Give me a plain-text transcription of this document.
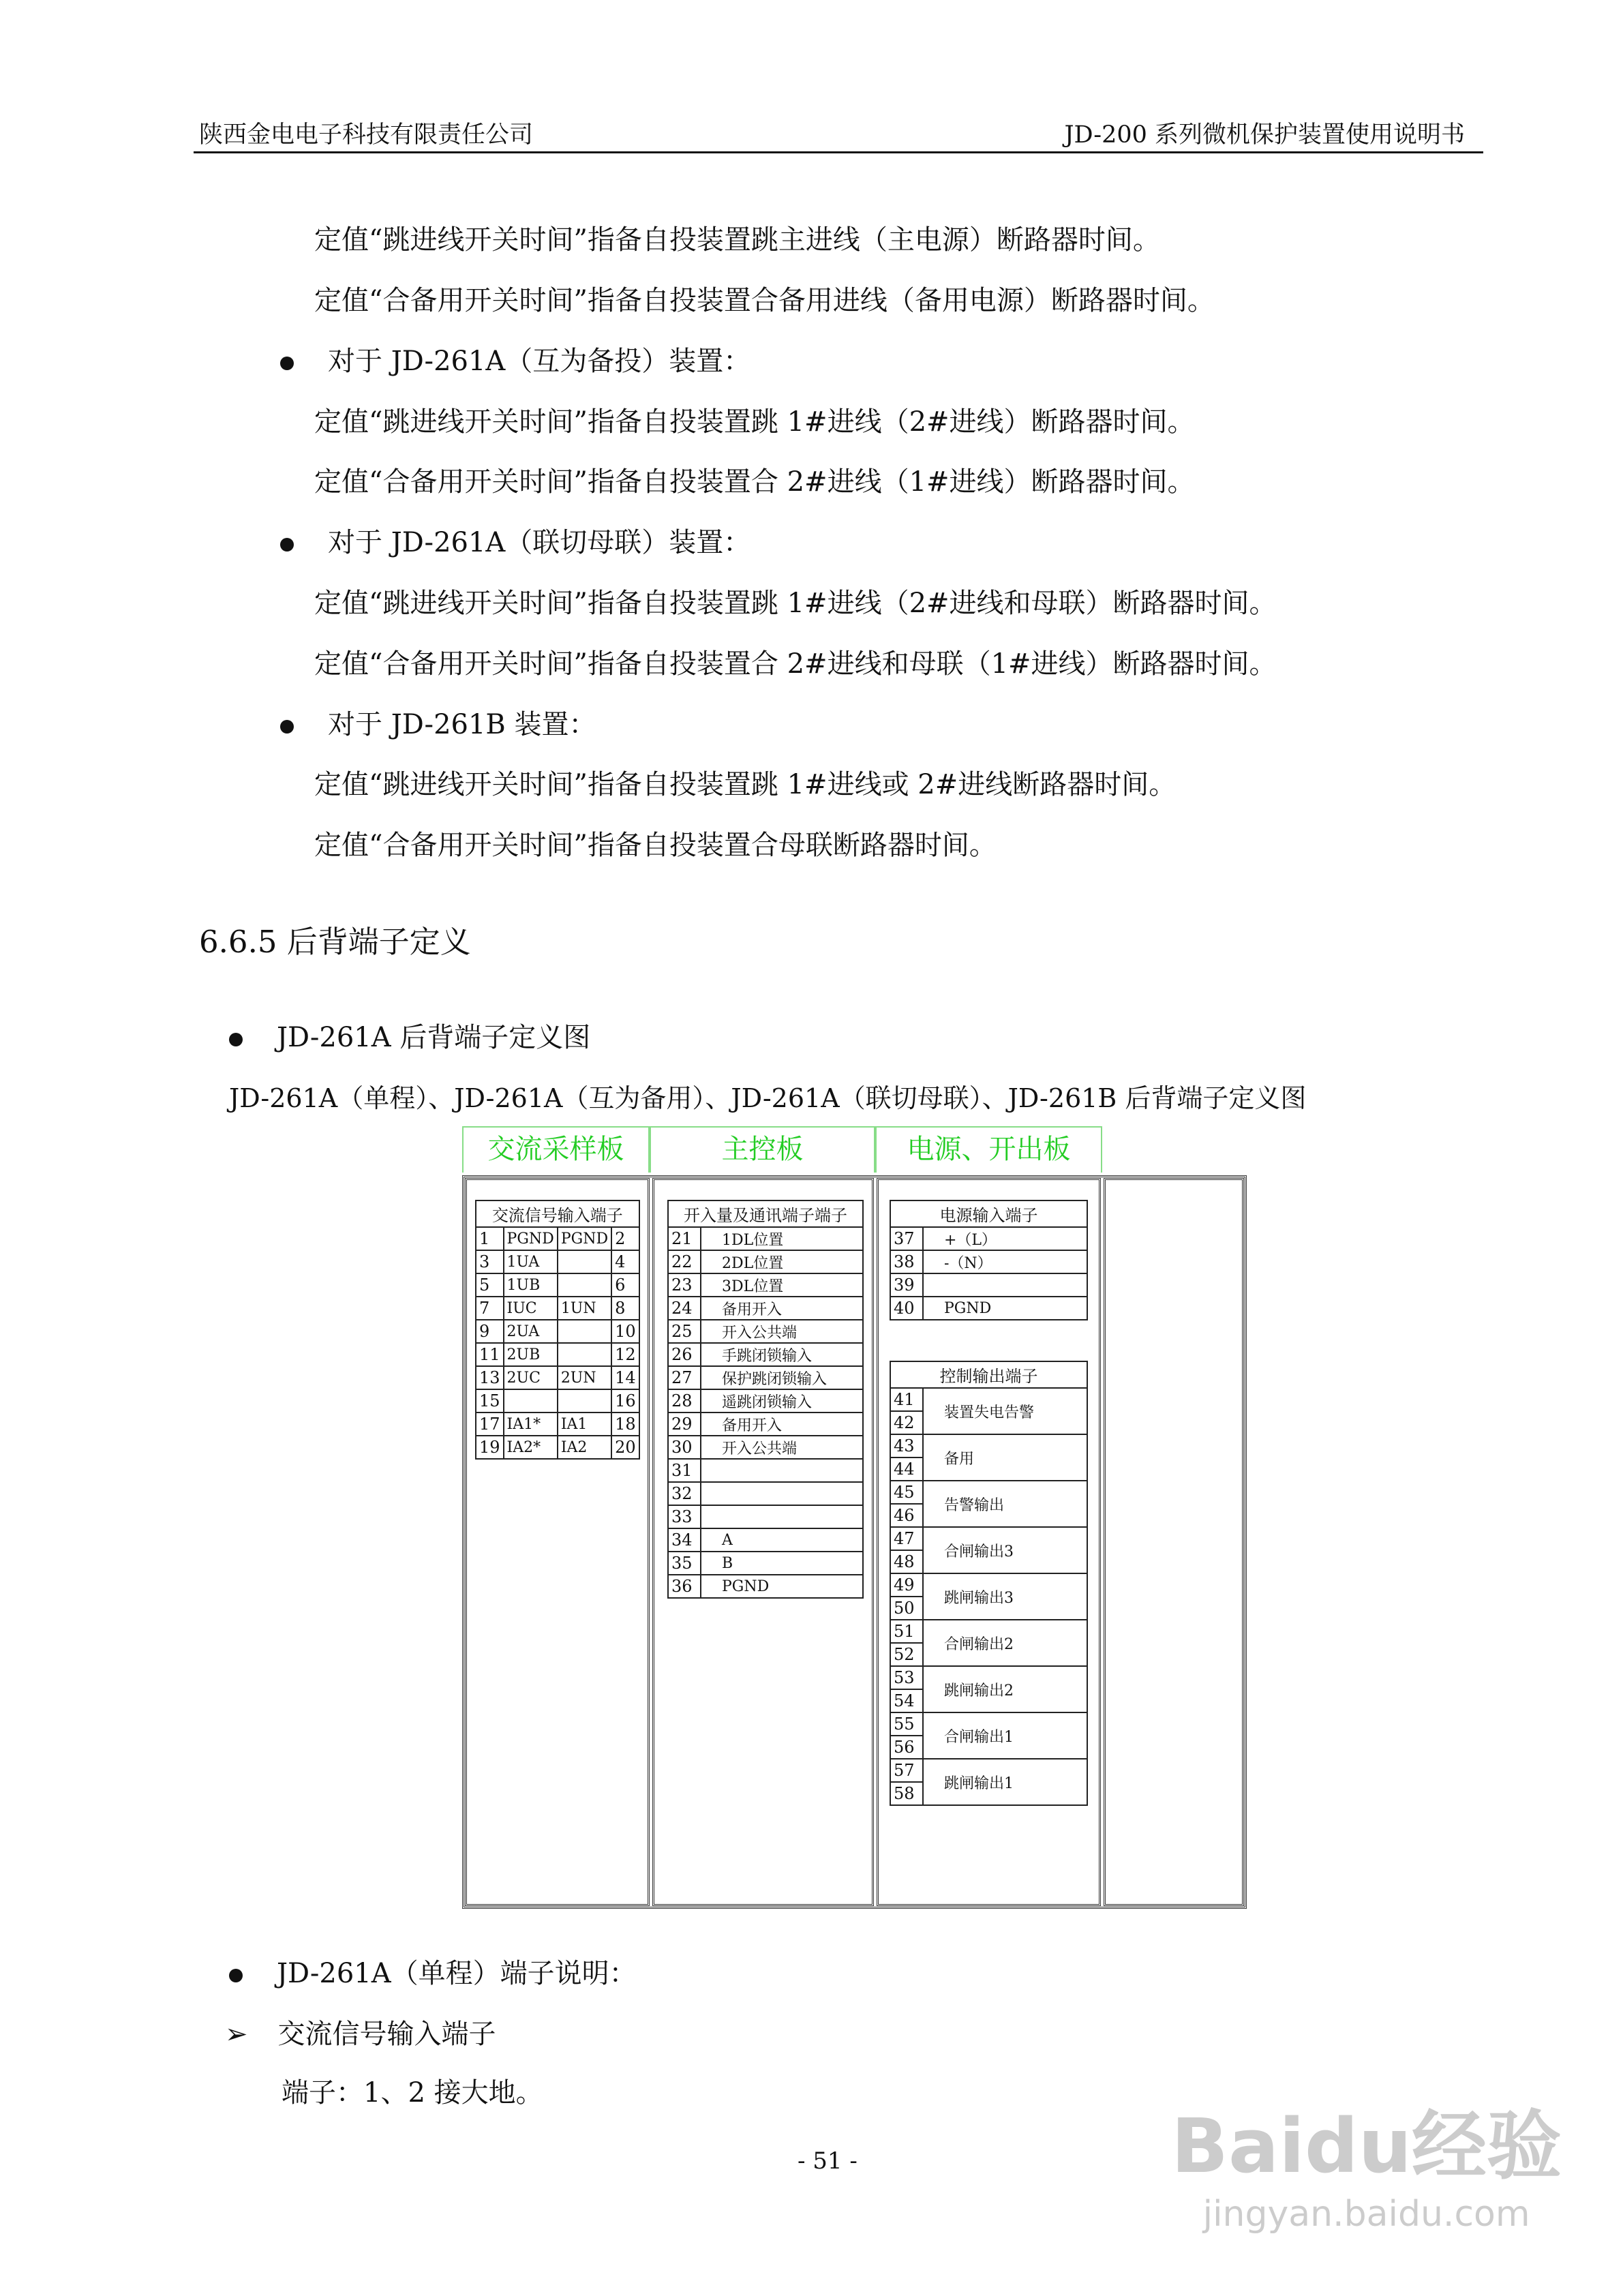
陕西金电电子科技有限责任公司	JD-200 系列微机保护装置使用说明书
定值“跳进线开关时间”指备自投装置跳主进线（主电源）断路器时间。
定值“合备用开关时间”指备自投装置合备用进线（备用电源）断路器时间。
对于 JD-261A（互为备投）装置：
定值“跳进线开关时间”指备自投装置跳 1#进线（2#进线）断路器时间。
定值“合备用开关时间”指备自投装置合 2#进线（1#进线）断路器时间。
对于 JD-261A（联切母联）装置：
定值“跳进线开关时间”指备自投装置跳 1#进线（2#进线和母联）断路器时间。
定值“合备用开关时间”指备自投装置合 2#进线和母联（1#进线）断路器时间。
对于 JD-261B 装置：
定值“跳进线开关时间”指备自投装置跳 1#进线或 2#进线断路器时间。
定值“合备用开关时间”指备自投装置合母联断路器时间。
6.6.5 后背端子定义
JD-261A 后背端子定义图
JD-261A（单程）、JD-261A（互为备用）、JD-261A（联切母联）、JD-261B 后背端子定义图
交流采样板	主控板	电源、开出板
交流信号输入端子			
1	PGND	PGND	2
3	1UA		4
5	1UB		6
7	IUC	1UN	8
9	2UA		10
11	2UB		12
13	2UC	2UN	14
15			16
17	IA1*	IA1	18
19	IA2*	IA2	20
开入量及通讯端子端子	
21	1DL位置
22	2DL位置
23	3DL位置
24	备用开入
25	开入公共端
26	手跳闭锁输入
27	保护跳闭锁输入
28	遥跳闭锁输入
29	备用开入
30	开入公共端
31	
32	
33	
34	A
35	B
36	PGND
电源输入端子	
37	+（L）
38	-（N）
39	
40	PGND
控制输出端子	
41	装置失电告警
42	
43	备用
44	
45	告警输出
46	
47	合闸输出3
48	
49	跳闸输出3
50	
51	合闸输出2
52	
53	跳闸输出2
54	
55	合闸输出1
56	
57	跳闸输出1
58	
JD-261A（单程）端子说明：
➢ 交流信号输入端子
端子：1、2 接大地。
- 51 -	Baidu经验
jingyan.baidu.com
